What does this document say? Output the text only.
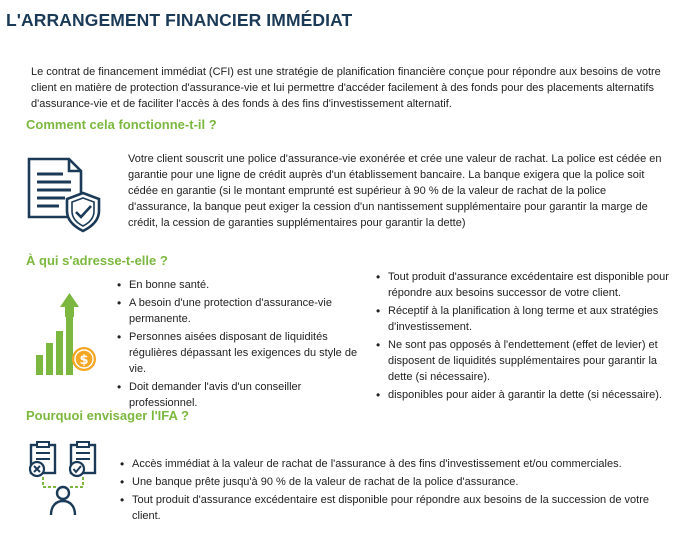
L'ARRANGEMENT FINANCIER IMMÉDIAT
Le contrat de financement immédiat (CFI) est une stratégie de planification financière conçue pour répondre aux besoins de votre client en matière de protection d'assurance-vie et lui permettre d'accéder facilement à des fonds pour des placements alternatifs d'assurance-vie et de faciliter l'accès à des fonds à des fins d'investissement alternatif.
Comment cela fonctionne-t-il ?
Votre client souscrit une police d'assurance-vie exonérée et crée une valeur de rachat. La police est cédée en garantie pour une ligne de crédit auprès d'un établissement bancaire. La banque exigera que la police soit cédée en garantie (si le montant emprunté est supérieur à 90 % de la valeur de rachat de la police d'assurance, la banque peut exiger la cession d'un nantissement supplémentaire pour garantir la marge de crédit, la cession de garanties supplémentaires pour garantir la dette)
À qui s'adresse-t-elle ?
$
• En bonne santé.
• A besoin d'une protection d'assurance-vie permanente.
• Personnes aisées disposant de liquidités régulières dépassant les exigences du style de vie.
• Doit demander l'avis d'un conseiller professionnel.
• Tout produit d'assurance excédentaire est disponible pour répondre aux besoins successor de votre client.
• Réceptif à la planification à long terme et aux stratégies d'investissement.
• Ne sont pas opposés à l'endettement (effet de levier) et disposent de liquidités supplémentaires pour garantir la dette (si nécessaire).
• disponibles pour aider à garantir la dette (si nécessaire).
Pourquoi envisager l'IFA ?
• Accès immédiat à la valeur de rachat de l'assurance à des fins d'investissement et/ou commerciales.
• Une banque prête jusqu'à 90 % de la valeur de rachat de la police d'assurance.
• Tout produit d'assurance excédentaire est disponible pour répondre aux besoins de la succession de votre client.
